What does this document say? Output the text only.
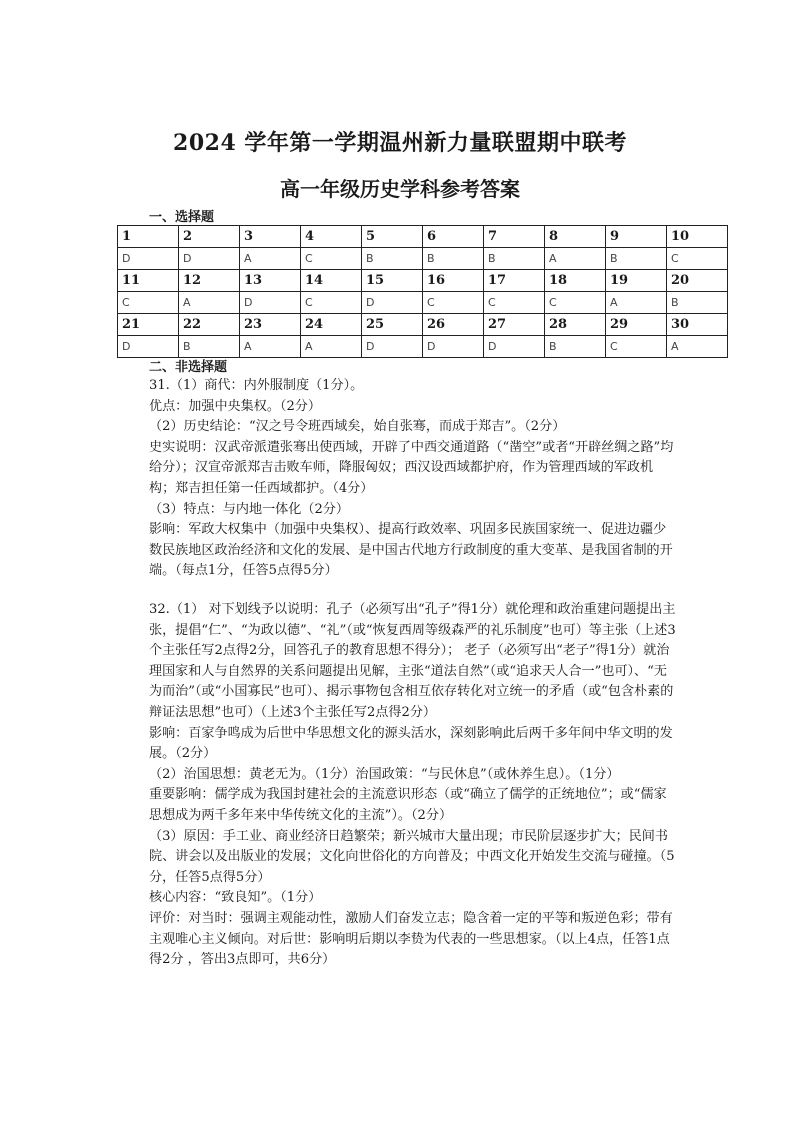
2024 学年第一学期温州新力量联盟期中联考
高一年级历史学科参考答案
一、选择题
1	2	3	4	5	6	7	8	9	10
D	D	A	C	B	B	B	A	B	C
11	12	13	14	15	16	17	18	19	20
C	A	D	C	D	C	C	C	A	B
21	22	23	24	25	26	27	28	29	30
D	B	A	A	D	D	D	B	C	A
二、非选择题

31.（1）商代：内外服制度（1分）。

优点：加强中央集权。（2分）

（2）历史结论：“汉之号令班西域矣，始自张骞，而成于郑吉”。（2分）

史实说明：汉武帝派遣张骞出使西域，开辟了中西交通道路（“凿空”或者“开辟丝绸之路”均给分）；汉宣帝派郑吉击败车师，降服匈奴；西汉设西域都护府，作为管理西域的军政机构；郑吉担任第一任西域都护。（4分）

（3）特点：与内地一体化（2分）

影响：军政大权集中（加强中央集权）、提高行政效率、巩固多民族国家统一、促进边疆少数民族地区政治经济和文化的发展、是中国古代地方行政制度的重大变革、是我国省制的开端。（每点1分，任答5点得5分）

32.（1） 对下划线予以说明：孔子（必须写出“孔子”得1分）就伦理和政治重建问题提出主张，提倡“仁”、“为政以德”、“礼”（或“恢复西周等级森严的礼乐制度”也可）等主张（上述3个主张任写2点得2分，回答孔子的教育思想不得分）； 老子（必须写出“老子”得1分）就治理国家和人与自然界的关系问题提出见解，主张“道法自然”（或“追求天人合一”也可）、“无为而治”（或“小国寡民”也可）、揭示事物包含相互依存转化对立统一的矛盾（或“包含朴素的辩证法思想”也可）（上述3个主张任写2点得2分）

影响：百家争鸣成为后世中华思想文化的源头活水，深刻影响此后两千多年间中华文明的发展。（2分）

（2）治国思想：黄老无为。（1分）治国政策：“与民休息”（或休养生息）。（1分）

重要影响：儒学成为我国封建社会的主流意识形态（或“确立了儒学的正统地位”；或“儒家思想成为两千多年来中华传统文化的主流”）。（2分）

（3）原因：手工业、商业经济日趋繁荣；新兴城市大量出现；市民阶层逐步扩大；民间书院、讲会以及出版业的发展；文化向世俗化的方向普及；中西文化开始发生交流与碰撞。（5分，任答5点得5分）

核心内容：“致良知”。（1分）

评价：对当时：强调主观能动性，激励人们奋发立志；隐含着一定的平等和叛逆色彩；带有主观唯心主义倾向。对后世：影响明后期以李贽为代表的一些思想家。（以上4点，任答1点得2分 ，答出3点即可，共6分）
